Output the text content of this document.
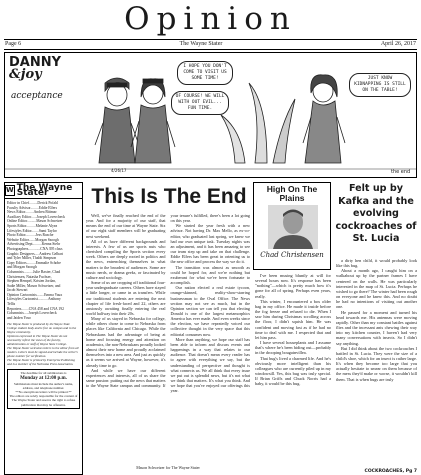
Opinion
Page 6	The Wayne Stater	April 26, 2017
DANNY
&joy
acceptance
I HOPE YOU DON'T COME TO VISIT US SOME TIME!
OF COURSE! WE WILL WITH OUT EVIL... FUN TIME.
JUST KNOW KIDNAPPING IS STILL ON THE TABLE!
4/26/17	the end
W The Wayne Stater
Editor in Chief.........Derick Pofahl
Faculty Advisor.........Eddie Elfers
News Editor.........Andrea Bittmar
Auxiliary Editor......Joseph Lovercheck
Online Editor..........Mason Schweizer
Sports Editor..........Melanie Alyea
Lifestyles Editor........Sami Taylor
Photo Editor...........Jess Rusche
Website Editor.......Morgan Szoogh
Advertising Dept..........Kenna Stehr
Photographers.............CNA 395 class
Graphic Designers.....Andrew Gelbart
and Tyler Miller, Thaldi Simpson
Copy Editors..........Emmalie Schobe
and Morgan Szoogh
Columnists..........Julie Baxter, Chad
Christensen, Natasha Fuchser,
Stephen Hempel, Kristen Jordan,
Sadie Miller, Mason Schweizer, and
Jacob Stewart
Opinion Cartoonists........Emma Vaux
Lifestyles Cartoonist...........Anthony
Tellis
Reporters........CNA 458 and CNA 192
Columnists.....Joseph Lovercheck
and Jaiden Yoso

The Wayne Stater is produced by the Wayne State College student body and is free on campus and in the Wayne community.

Opinions expressed in The Wayne Stater do not necessarily reflect the views of the faculty, administration or staff of Wayne State College.

The Wayne Stater welcomes letters to the editor from all readers. Letters must be signed and include the writer's phone number for verification.

The Wayne Stater is printed by Enterprise Publishing and is a member of the Nebraska Press Association.

The deadline for all submissions is
Monday at 12:00 p.m.
Submissions must include the author's name, address, and telephone number.
**No anonymous letters will be printed.**
The editors are solely responsible for the content of The Wayne Stater and reserve the right to refuse publication that may be offensive.
This Is The End

Well, we've finally reached the end of the year. And for a majority of our staff, that means the end of our time at Wayne State. Six of our eight staff members will be graduating next weekend.

All of us have different backgrounds and interests. A few of us are sports nuts who cherished compiling the Sports section every week. Others are deeply rooted in politics and the news, entrenching themselves in what matters to the broadest of audiences. Some are music nerds, or drama geeks, or fascinated by culture and sociology.

Some of us are cropping off traditional four-year undergraduate careers. Others have stayed a little longer, or came in as transfers. While our traditional students are entering the next chapter of life fresh-faced and 22, others are anxiously awaiting finally entering the real world halfway into their 20s.

Many of us stayed in Nebraska for college, while others chose to come to Nebraska from places like California and Chicago. While the Nebraskans had the advantage of being at home and focusing energy and attention on academics, the non-Nebraskans proudly looked almost their new home and proudly acclaimed themselves into a new area. And just as quickly as it seems we arrived at Wayne, however, it's already time to go.

And while we have our different experiences and interests, all of us share the same passion: putting out the news that matters to the Wayne State campus and community. If your tenure's fulfilled, there's been a lot going on this year.

We started the year fresh with a new advisor. Not having Dr. Max Mello, as ex-co-editor, who graduated last spring, we knew we had our own unique task. Tuesday nights was an adjustment, and it has been amazing to see our team step up and take on that challenge. Eddie Elfers has been great in orienting us to the new office and process the way we do it.

The transition was almost as smooth as could be hoped for, and we're nothing but exuberant for what we've been fortunate to accomplish.

Our nation elected a real estate tycoon, orange-skinned, reality-show-starring businessman to the Oval Office. The News section may not see as much, but in the Opinion section we can tell you that electing Donald is one of the largest metamorphics America has ever made. And even weeks since the election, we have repeatedly voiced our collective thought in the very space that this editorial consumes now.

More than anything, we hope our staff has been able to inform and discuss events and happenings in a way that relates to our audience. That doesn't mean every reader has to agree with everything we say, but the understanding of perspective and thought is what connects us. We all think that every issue we put out is splendid news, but it's not what we think that matters. It's what you think. And we hope that you've enjoyed our offerings this year.

Mason Schweizer for The Wayne Stater
High On The Plains
Chad Christensen

I've been musing bluntly at will for several hours now. It's response has been "nothing"—which is pretty much how it's gone for all of spring. Perhaps even years, really.

This winter, I encountered a box older bag in my office. He made it inside before the fog freeze and refused to die. When I saw him during Christmas scrolling across the floor, I didn't squish him. He was confident and moving fast as if he had no time to deal with me. I respected that and let him pass.

I have several houseplants and I assume that's where he's been hiding out—probably in the drooping bougainvillea.

That bug's lived a charmed life. And he's obviously more intelligent than his colleagues who are currently piled up in my windowsill. Yes, this bug was truly special. If Brian Griffs and Chuck Norris had a baby, it would be this bug.

Felt up by Kafka and the evolving cockroaches of St. Lucia

a dirty hen child, it would probably look like this bug.

About a month ago, I caught him on a walkabout up by the partner frames I have centered on the walls. He was particularly interested in the map of St. Lucia. Perhaps he wished to go there? The winter had been rough on everyone and he knew this. And no doubt he had no intentions of visiting out another one.

He paused for a moment and turned his head towards me. His antennas were moving rapidly. Other than my constant battles against flies and the incessant ants chewing their way into my kitchen counter, I haven't had very many conversations with insects. So I didn't say anything.

But I did think about the two cockroaches I battled in St. Lucia. They were the size of a child's shoe, which for an insect is rather large. It's when they become too large that you actually hesitate to smear on them because of the mess they'd make or worse, it wouldn't kill them. That is when bugs are truly

COCKROACHES, Pg 7
